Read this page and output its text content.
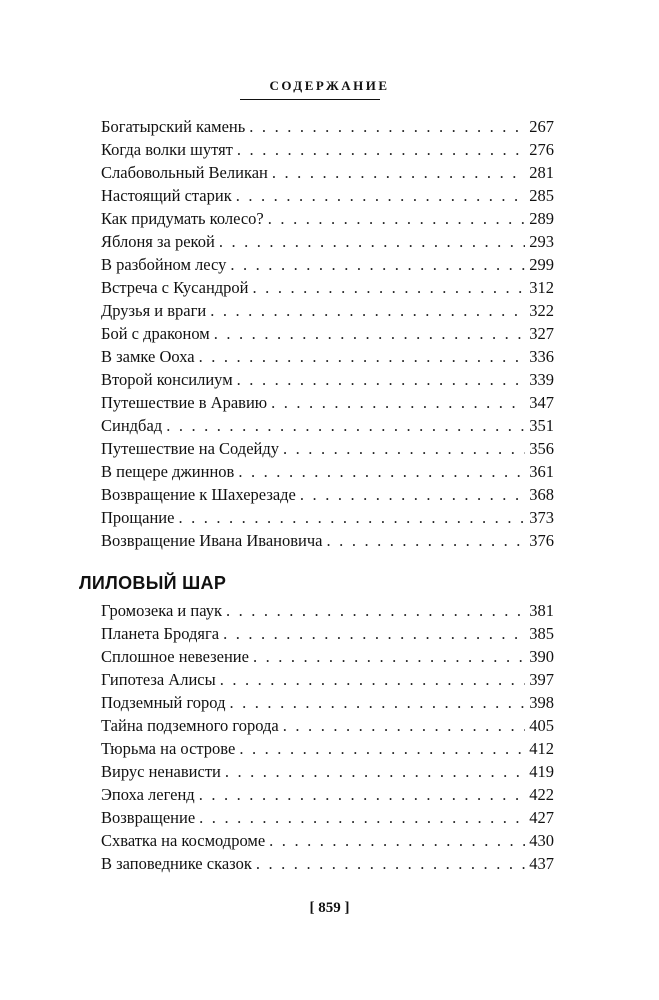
СОДЕРЖАНИЕ
Богатырский камень . . .	267
Когда волки шутят . . .	276
Слабовольный Великан . . .	281
Настоящий старик . . .	285
Как придумать колесо? . . .	289
Яблоня за рекой . . .	293
В разбойном лесу . . .	299
Встреча с Кусандрой . . .	312
Друзья и враги . . .	322
Бой с драконом . . .	327
В замке Ооха . . .	336
Второй консилиум . . .	339
Путешествие в Аравию . . .	347
Синдбад . . .	351
Путешествие на Содейду . . .	356
В пещере джиннов . . .	361
Возвращение к Шахерезаде . . .	368
Прощание . . .	373
Возвращение Ивана Ивановича . . .	376
ЛИЛОВЫЙ ШАР
Громозека и паук . . .	381
Планета Бродяга . . .	385
Сплошное невезение . . .	390
Гипотеза Алисы . . .	397
Подземный город . . .	398
Тайна подземного города . . .	405
Тюрьма на острове . . .	412
Вирус ненависти . . .	419
Эпоха легенд . . .	422
Возвращение . . .	427
Схватка на космодроме . . .	430
В заповеднике сказок . . .	437
[ 859 ]
